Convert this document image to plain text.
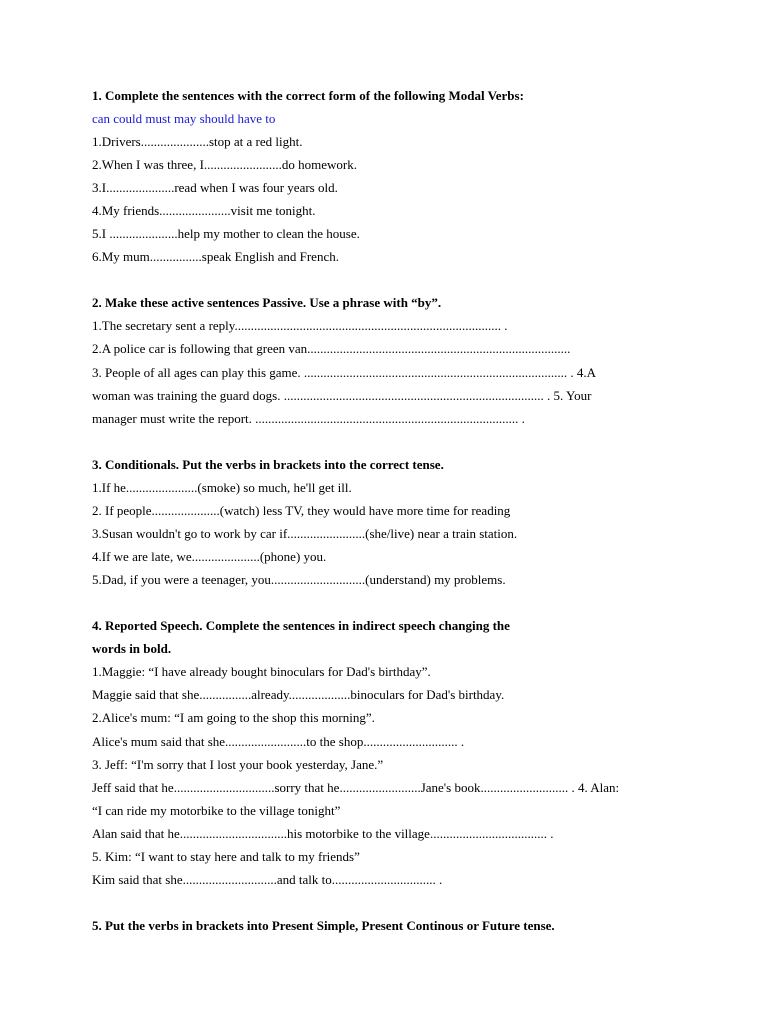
1. Complete the sentences with the correct form of the following Modal Verbs:
can could must may should have to
1.Drivers.....................stop at a red light.
2.When I was three, I........................do homework.
3.I.....................read when I was four years old.
4.My friends......................visit me tonight.
5.I .....................help my mother to clean the house.
6.My mum................speak English and French.
2. Make these active sentences Passive. Use a phrase with “by”.
1.The secretary sent a reply.................................................................................. .
2.A police car is following that green van.................................................................................
3. People of all ages can play this game. ................................................................................. . 4.A
woman was training the guard dogs. ................................................................................ . 5. Your
manager must write the report. ................................................................................. .
3. Conditionals. Put the verbs in brackets into the correct tense.
1.If he......................(smoke) so much, he'll get ill.
2. If people.....................(watch) less TV, they would have more time for reading
3.Susan wouldn't go to work by car if........................(she/live) near a train station.
4.If we are late, we.....................(phone) you.
5.Dad, if you were a teenager, you.............................(understand) my problems.
4. Reported Speech. Complete the sentences in indirect speech changing the
words in bold.
1.Maggie: “I have already bought binoculars for Dad's birthday”.
Maggie said that she................already...................binoculars for Dad's birthday.
2.Alice's mum: “I am going to the shop this morning”.
Alice's mum said that she.........................to the shop............................. .
3. Jeff: “I'm sorry that I lost your book yesterday, Jane.”
Jeff said that he...............................sorry that he.........................Jane's book........................... . 4. Alan:
“I can ride my motorbike to the village tonight”
Alan said that he.................................his motorbike to the village.................................... .
5. Kim: “I want to stay here and talk to my friends”
Kim said that she.............................and talk to................................ .
5. Put the verbs in brackets into Present Simple, Present Continous or Future tense.
